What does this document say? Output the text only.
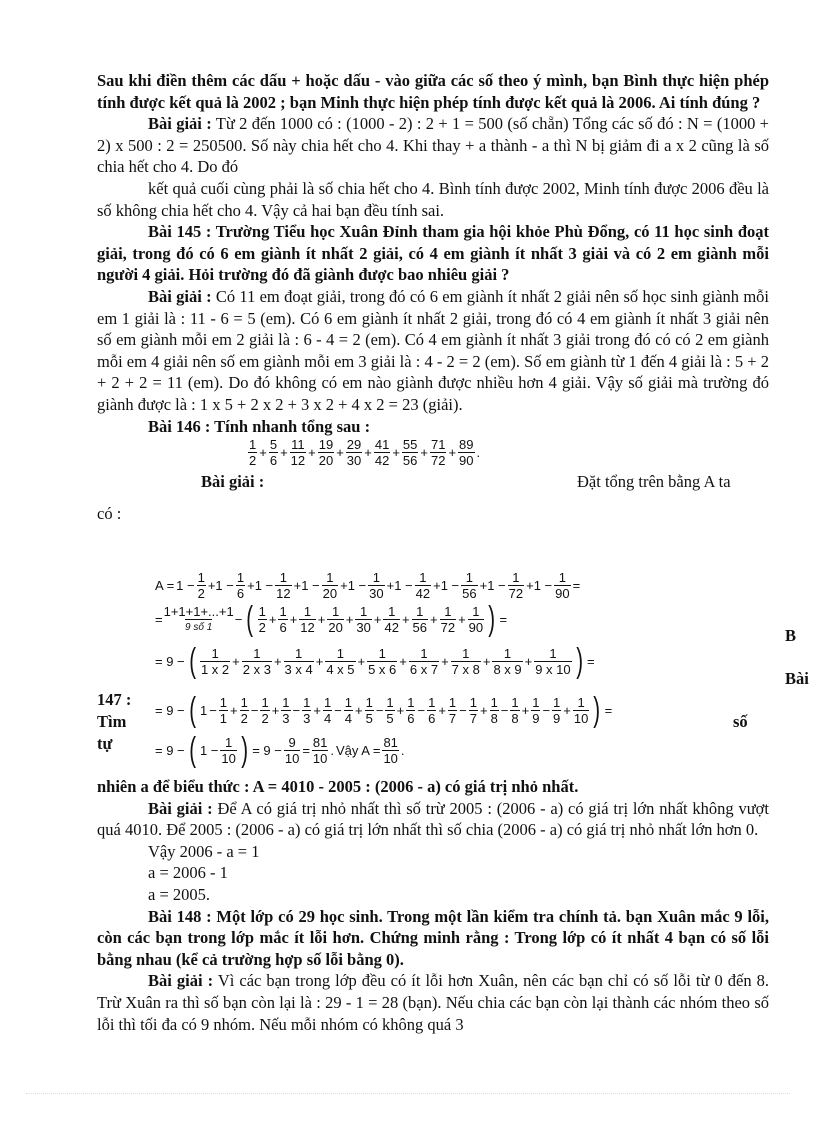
Sau khi điền thêm các dấu + hoặc dấu - vào giữa các số theo ý mình, bạn Bình thực hiện phép tính được kết quả là 2002 ; bạn Minh thực hiện phép tính được kết quả là 2006. Ai tính đúng ?

Bài giải : Từ 2 đến 1000 có : (1000 - 2) : 2 + 1 = 500 (số chẵn) Tổng các số đó : N = (1000 + 2) x 500 : 2 = 250500. Số này chia hết cho 4. Khi thay + a thành - a thì N bị giảm đi a x 2 cũng là số chia hết cho 4. Do đó

kết quả cuối cùng phải là số chia hết cho 4. Bình tính được 2002, Minh tính được 2006 đều là số không chia hết cho 4. Vậy cả hai bạn đều tính sai.

Bài 145 : Trường Tiểu học Xuân Đỉnh tham gia hội khỏe Phù Đổng, có 11 học sinh đoạt giải, trong đó có 6 em giành ít nhất 2 giải, có 4 em giành ít nhất 3 giải và có 2 em giành mỗi người 4 giải. Hỏi trường đó đã giành được bao nhiêu giải ?

Bài giải : Có 11 em đoạt giải, trong đó có 6 em giành ít nhất 2 giải nên số học sinh giành mỗi em 1 giải là : 11 - 6 = 5 (em). Có 6 em giành ít nhất 2 giải, trong đó có 4 em giành ít nhất 3 giải nên số em giành mỗi em 2 giải là : 6 - 4 = 2 (em). Có 4 em giành ít nhất 3 giải trong đó có có 2 em giành mỗi em 4 giải nên số em giành mỗi em 3 giải là : 4 - 2 = 2 (em). Số em giành từ 1 đến 4 giải là : 5 + 2 + 2 + 2 = 11 (em). Do đó không có em nào giành được nhiều hơn 4 giải. Vậy số giải mà trường đó giành được là : 1 x 5 + 2 x 2 + 3 x 2 + 4 x 2 = 23 (giải).

Bài 146 : Tính nhanh tổng sau :

$\frac{1}{2} + \frac{5}{6} + \frac{11}{12} + \frac{19}{20} + \frac{29}{30} + \frac{41}{42} + \frac{55}{56} + \frac{71}{72} + \frac{89}{90}$ .
Bài giải :	Đặt tổng trên bằng A ta

có :

$A = 1 - \frac{1}{2} +1 - \frac{1}{6} +1 - \frac{1}{12} +1 - \frac{1}{20} +1 - \frac{1}{30} +1 - \frac{1}{42} +1 - \frac{1}{56} +1 - \frac{1}{72} +1 - \frac{1}{90}$ =
=
1+1+1+...+1
9 số 1
− ( $\frac{1}{2} + \frac{1}{6} + \frac{1}{12} + \frac{1}{20} + \frac{1}{30} + \frac{1}{42} + \frac{1}{56} + \frac{1}{72} + \frac{1}{90}$ ) =
= 9 − ( $\frac{1}{1 x 2} + \frac{1}{2 x 3} + \frac{1}{3 x 4} + \frac{1}{4 x 5} + \frac{1}{5 x 6} + \frac{1}{6 x 7} + \frac{1}{7 x 8} + \frac{1}{8 x 9} + \frac{1}{9 x 10}$ ) =
= 9 − ( $1 - \frac{1}{1} + \frac{1}{2} - \frac{1}{2} + \frac{1}{3} - \frac{1}{3} + \frac{1}{4} - \frac{1}{4} + \frac{1}{5} - \frac{1}{5} + \frac{1}{6} - \frac{1}{6} + \frac{1}{7} - \frac{1}{7} + \frac{1}{8} - \frac{1}{8} + \frac{1}{9} - \frac{1}{9} + \frac{1}{10}$ ) =
= 9 − ( $1 - \frac{1}{10}$ ) = $9 - \frac{9}{10} = \frac{81}{10}$ . Vậy $A = \frac{81}{10}$ .
B
Bài
147 :
Tìm
tự
số

nhiên a để biểu thức : A = 4010 - 2005 : (2006 - a) có giá trị nhỏ nhất.

Bài giải : Để A có giá trị nhỏ nhất thì số trừ 2005 : (2006 - a) có giá trị lớn nhất không vượt quá 4010. Để 2005 : (2006 - a) có giá trị lớn nhất thì số chia (2006 - a) có giá trị nhỏ nhất lớn hơn 0.

Vậy 2006 - a = 1

a = 2006 - 1

a = 2005.

Bài 148 : Một lớp có 29 học sinh. Trong một lần kiểm tra chính tả. bạn Xuân mắc 9 lỗi, còn các bạn trong lớp mắc ít lỗi hơn. Chứng minh rằng : Trong lớp có ít nhất 4 bạn có số lỗi bằng nhau (kể cả trường hợp số lỗi bằng 0).

Bài giải : Vì các bạn trong lớp đều có ít lỗi hơn Xuân, nên các bạn chỉ có số lỗi từ 0 đến 8. Trừ Xuân ra thì số bạn còn lại là : 29 - 1 = 28 (bạn). Nếu chia các bạn còn lại thành các nhóm theo số lỗi thì tối đa có 9 nhóm. Nếu mỗi nhóm có không quá 3
